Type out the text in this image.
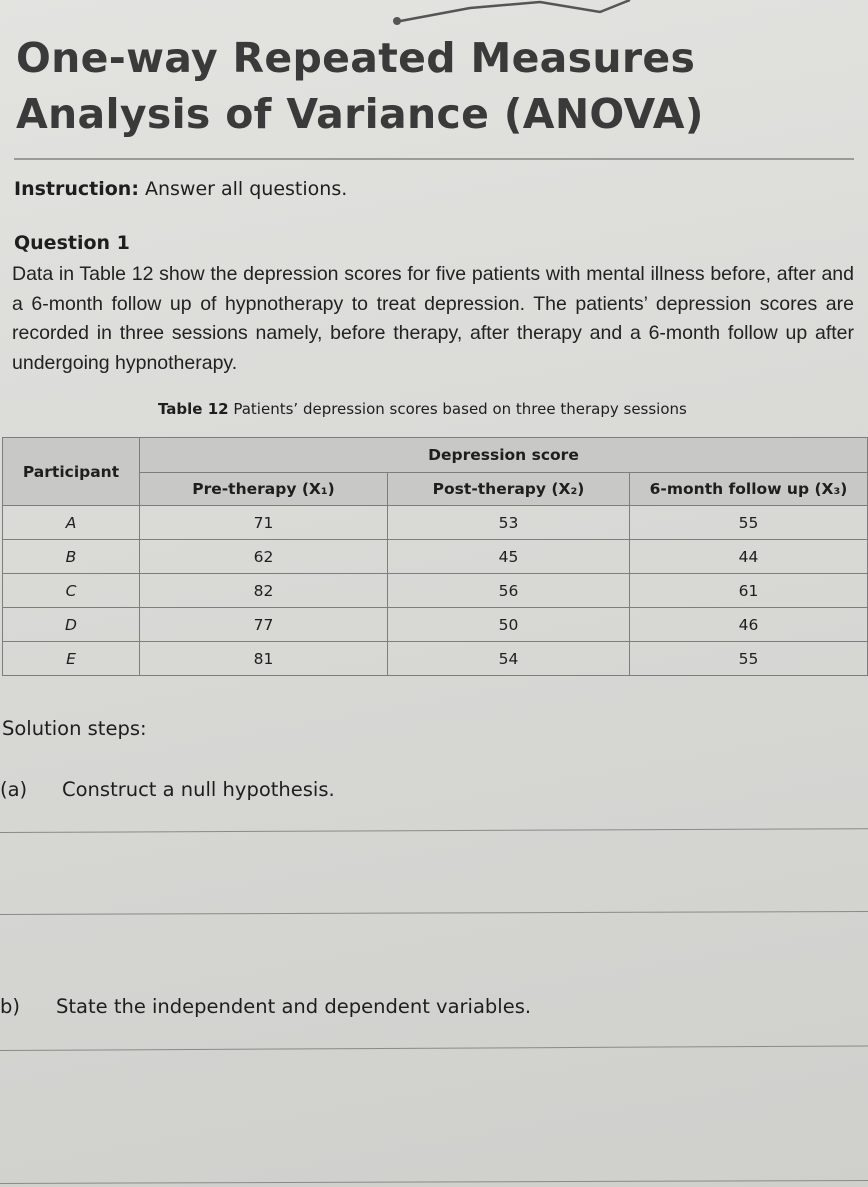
One-way Repeated Measures
Analysis of Variance (ANOVA)
Instruction: Answer all questions.
Question 1
Data in Table 12 show the depression scores for five patients with mental illness before, after and a 6-month follow up of hypnotherapy to treat depression. The patients’ depression scores are recorded in three sessions namely, before therapy, after therapy and a 6-month follow up after undergoing hypnotherapy.
Table 12 Patients’ depression scores based on three therapy sessions
Participant	Depression score		
	Pre-therapy (X₁)	Post-therapy (X₂)	6-month follow up (X₃)
A	71	53	55
B	62	45	44
C	82	56	61
D	77	50	46
E	81	54	55
Solution steps:
(a) Construct a null hypothesis.
b) State the independent and dependent variables.
